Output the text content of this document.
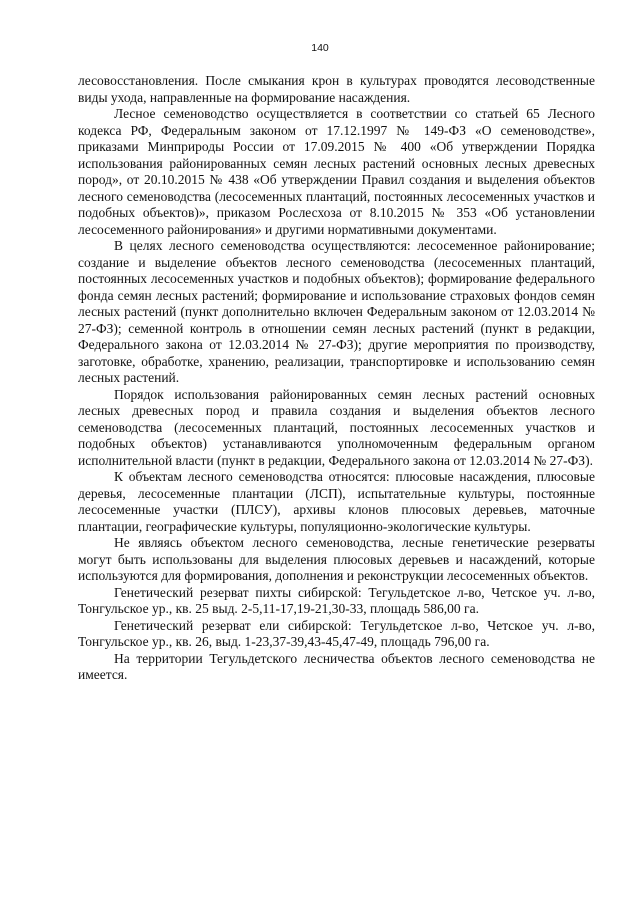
140

лесовосстановления. После смыкания крон в культурах проводятся лесоводственные виды ухода, направленные на формирование насаждения.

Лесное семеноводство осуществляется в соответствии со статьей 65 Лесного кодекса РФ, Федеральным законом от 17.12.1997 № 149-ФЗ «О семеноводстве», приказами Минприроды России от 17.09.2015 № 400 «Об утверждении Порядка использования районированных семян лесных растений основных лесных древесных пород», от 20.10.2015 № 438 «Об утверждении Правил создания и выделения объектов лесного семеноводства (лесосеменных плантаций, постоянных лесосеменных участков и подобных объектов)», приказом Рослесхоза от 8.10.2015 № 353 «Об установлении лесосеменного районирования» и другими нормативными документами.

В целях лесного семеноводства осуществляются: лесосеменное районирование; создание и выделение объектов лесного семеноводства (лесосеменных плантаций, постоянных лесосеменных участков и подобных объектов); формирование федерального фонда семян лесных растений; формирование и использование страховых фондов семян лесных растений (пункт дополнительно включен Федеральным законом от 12.03.2014 № 27-ФЗ); семенной контроль в отношении семян лесных растений (пункт в редакции, Федерального закона от 12.03.2014 № 27-ФЗ); другие мероприятия по производству, заготовке, обработке, хранению, реализации, транспортировке и использованию семян лесных растений.

Порядок использования районированных семян лесных растений основных лесных древесных пород и правила создания и выделения объектов лесного семеноводства (лесосеменных плантаций, постоянных лесосеменных участков и подобных объектов) устанавливаются уполномоченным федеральным органом исполнительной власти (пункт в редакции, Федерального закона от 12.03.2014 № 27-ФЗ).

К объектам лесного семеноводства относятся: плюсовые насаждения, плюсовые деревья, лесосеменные плантации (ЛСП), испытательные культуры, постоянные лесосеменные участки (ПЛСУ), архивы клонов плюсовых деревьев, маточные плантации, географические культуры, популяционно-экологические культуры.

Не являясь объектом лесного семеноводства, лесные генетические резерваты могут быть использованы для выделения плюсовых деревьев и насаждений, которые используются для формирования, дополнения и реконструкции лесосеменных объектов.

Генетический резерват пихты сибирской: Тегульдетское л-во, Четское уч. л-во, Тонгульское ур., кв. 25 выд. 2-5,11-17,19-21,30-33, площадь 586,00 га.

Генетический резерват ели сибирской: Тегульдетское л-во, Четское уч. л-во, Тонгульское ур., кв. 26, выд. 1-23,37-39,43-45,47-49, площадь 796,00 га.

На территории Тегульдетского лесничества объектов лесного семеноводства не имеется.
